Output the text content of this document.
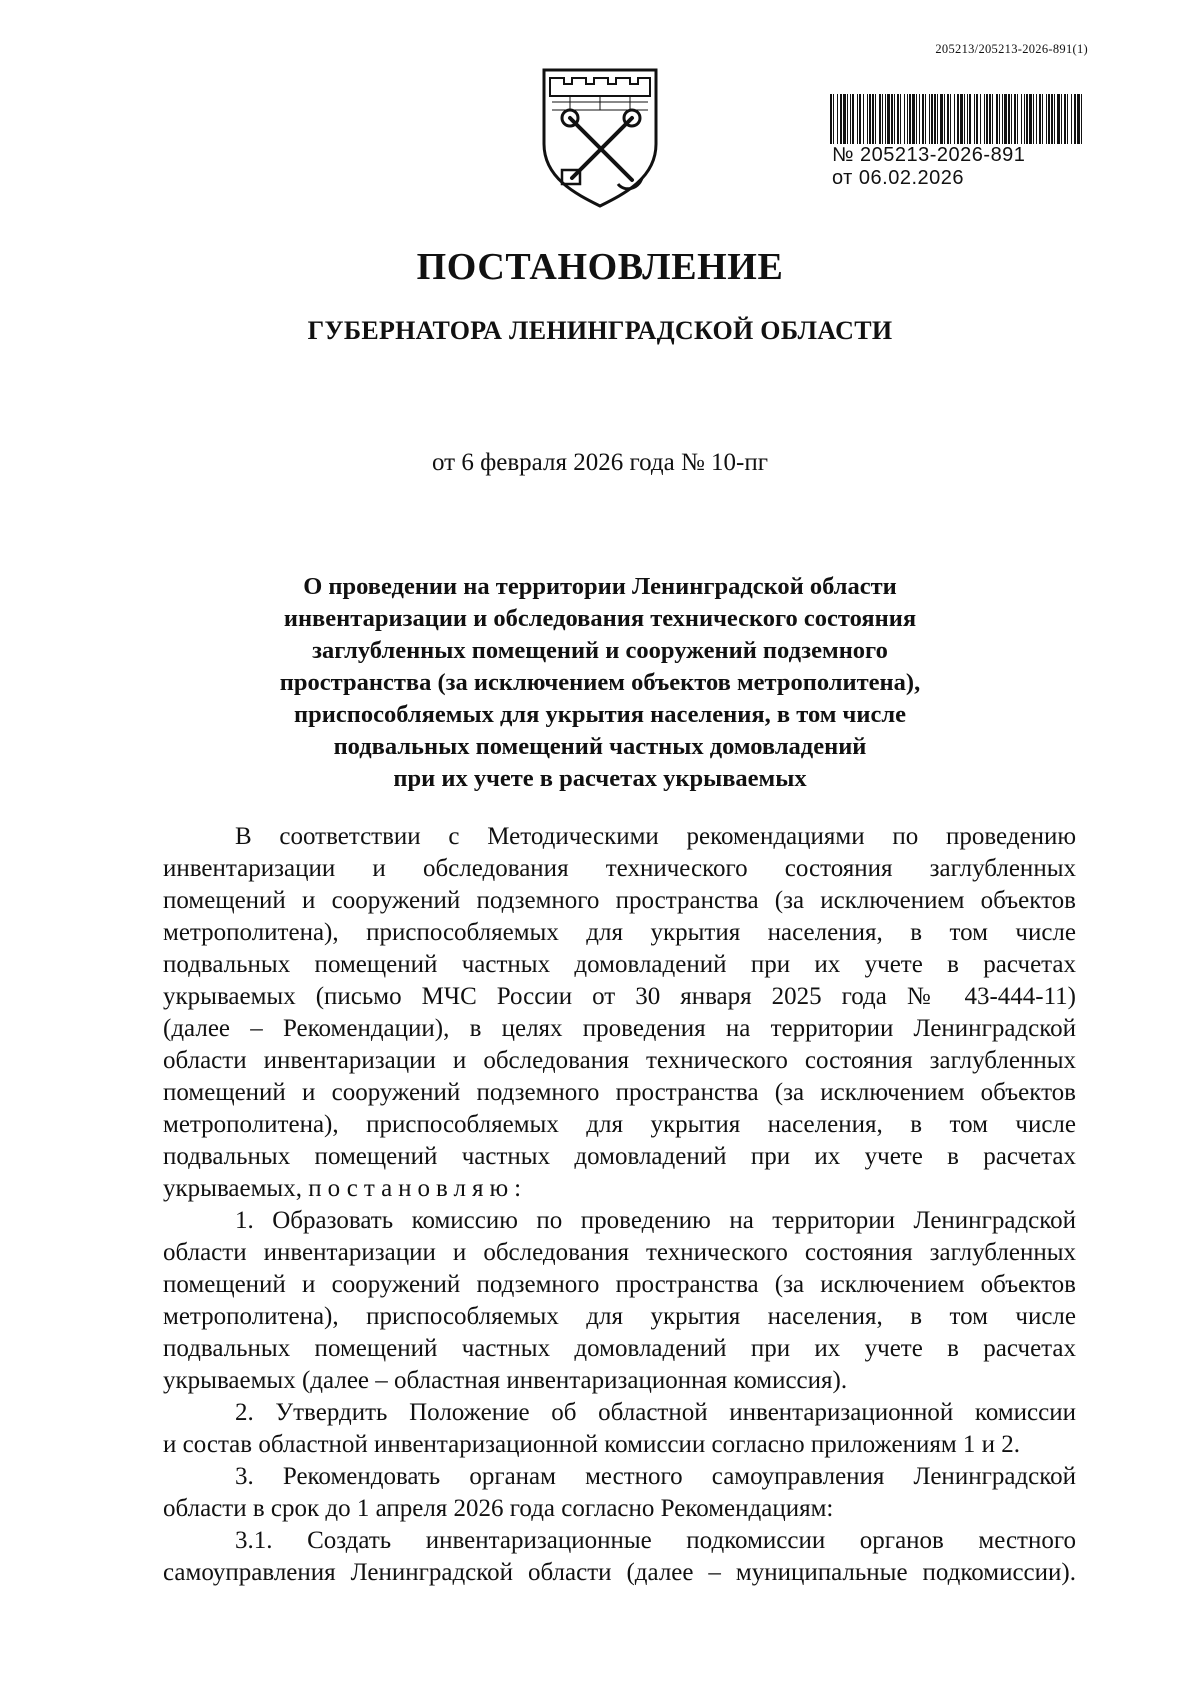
205213/205213-2026-891(1)
№ 205213-2026-891
от 06.02.2026
ПОСТАНОВЛЕНИЕ
ГУБЕРНАТОРА ЛЕНИНГРАДСКОЙ ОБЛАСТИ
от 6 февраля 2026 года № 10-пг
О проведении на территории Ленинградской области
инвентаризации и обследования технического состояния
заглубленных помещений и сооружений подземного
пространства (за исключением объектов метрополитена),
приспособляемых для укрытия населения, в том числе
подвальных помещений частных домовладений
при их учете в расчетах укрываемых
В соответствии с Методическими рекомендациями по проведению
инвентаризации и обследования технического состояния заглубленных
помещений и сооружений подземного пространства (за исключением объектов
метрополитена), приспособляемых для укрытия населения, в том числе
подвальных помещений частных домовладений при их учете в расчетах
укрываемых (письмо МЧС России от 30 января 2025 года № 43-444-11)
(далее – Рекомендации), в целях проведения на территории Ленинградской
области инвентаризации и обследования технического состояния заглубленных
помещений и сооружений подземного пространства (за исключением объектов
метрополитена), приспособляемых для укрытия населения, в том числе
подвальных помещений частных домовладений при их учете в расчетах
укрываемых, постановляю:
1. Образовать комиссию по проведению на территории Ленинградской
области инвентаризации и обследования технического состояния заглубленных
помещений и сооружений подземного пространства (за исключением объектов
метрополитена), приспособляемых для укрытия населения, в том числе
подвальных помещений частных домовладений при их учете в расчетах
укрываемых (далее – областная инвентаризационная комиссия).
2. Утвердить Положение об областной инвентаризационной комиссии
и состав областной инвентаризационной комиссии согласно приложениям 1 и 2.
3. Рекомендовать органам местного самоуправления Ленинградской
области в срок до 1 апреля 2026 года согласно Рекомендациям:
3.1. Создать инвентаризационные подкомиссии органов местного
самоуправления Ленинградской области (далее – муниципальные подкомиссии).
